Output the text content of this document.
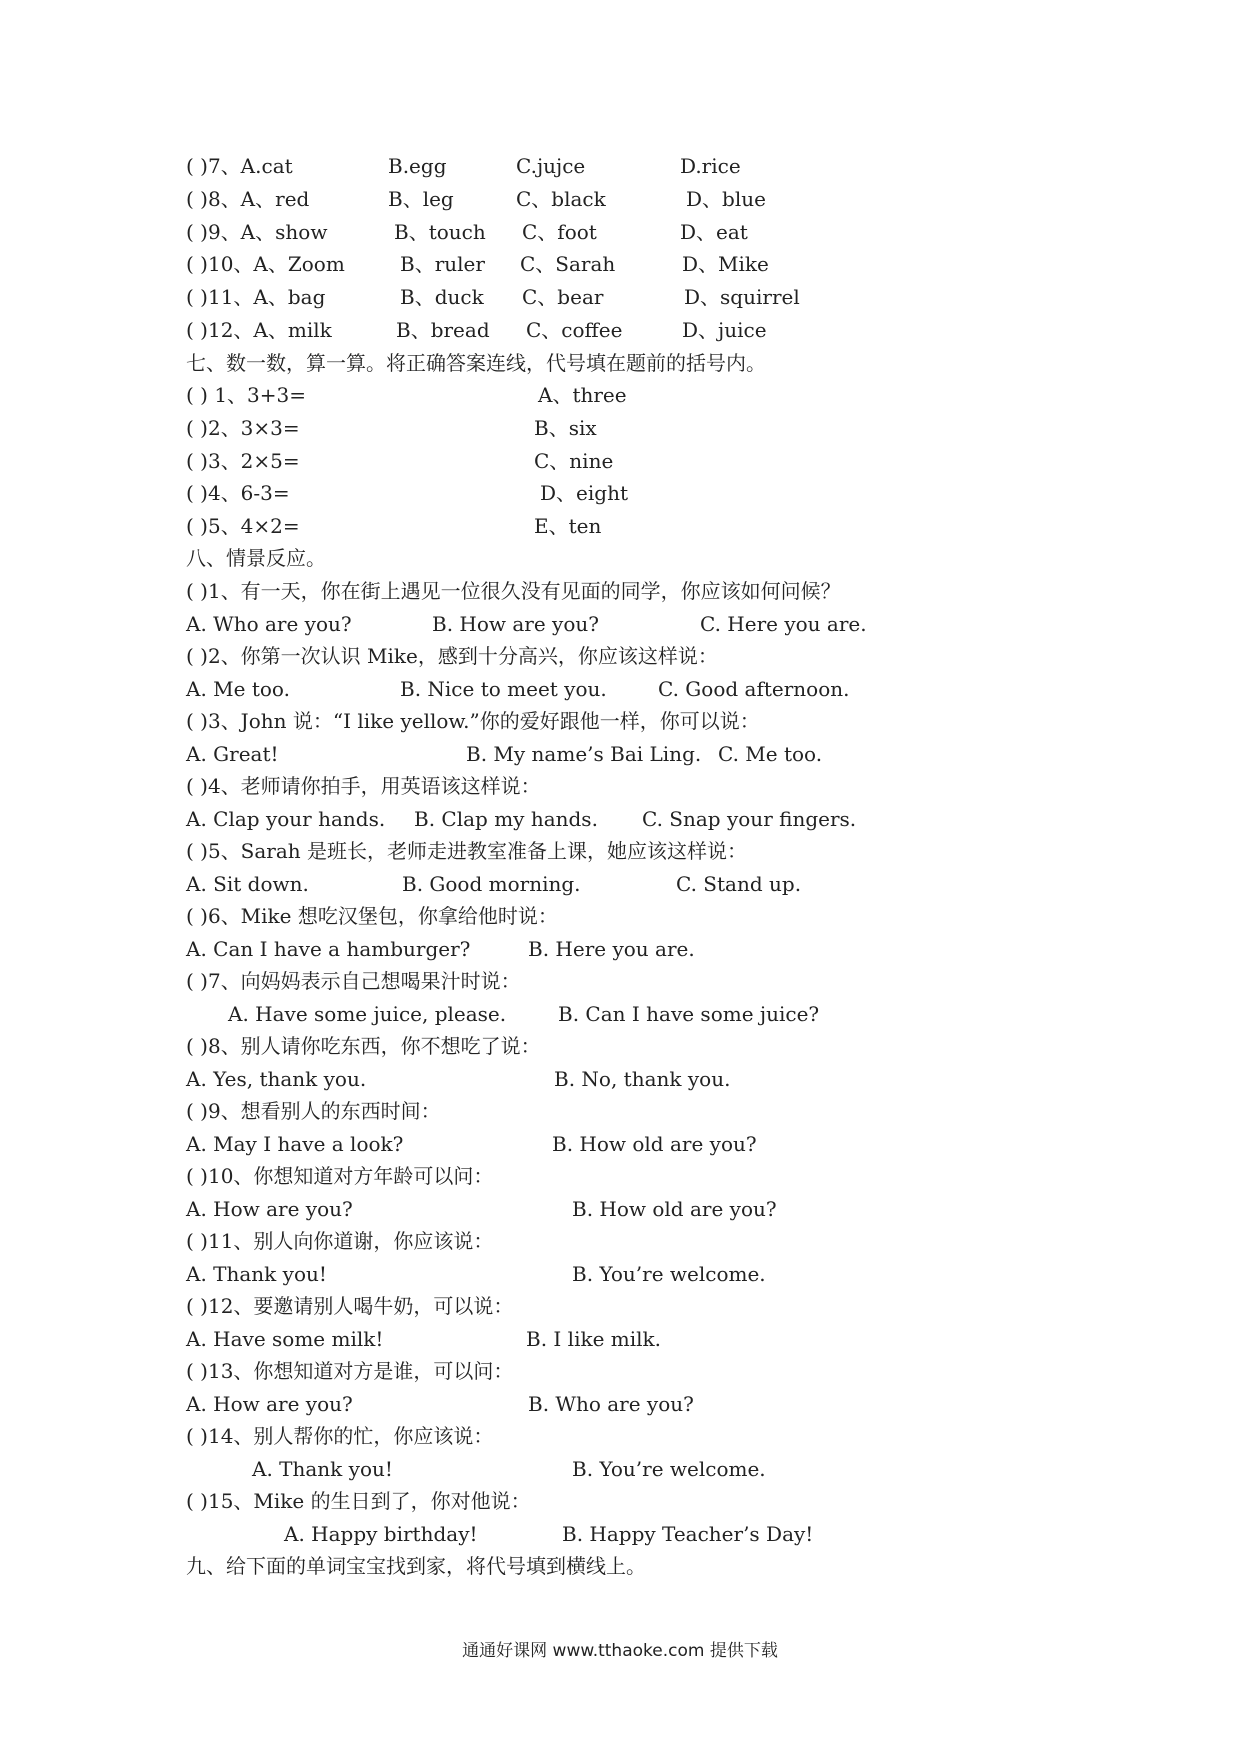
( )7、A.cat	B.egg	C.jujce	D.rice
( )8、A、red	B、leg	C、black	D、blue
( )9、A、show	B、touch C、foot	D、eat
( )10、A、Zoom	B、ruler C、Sarah	D、Mike
( )11、A、bag	B、duck C、bear	D、squirrel
( )12、A、milk	B、bread C、coffee	D、juice
七、数一数，算一算。将正确答案连线，代号填在题前的括号内。
( ) 1、3+3=	A、three
( )2、3×3=	B、six
( )3、2×5=	C、nine
( )4、6-3=	D、eight
( )5、4×2=	E、ten
八、情景反应。
( )1、有一天，你在街上遇见一位很久没有见面的同学，你应该如何问候？
A. Who are you?	B. How are you?	C. Here you are.
( )2、你第一次认识 Mike，感到十分高兴，你应该这样说：
A. Me too.	B. Nice to meet you.	C. Good afternoon.
( )3、John 说：“I like yellow.”你的爱好跟他一样，你可以说：
A. Great!	B. My name’s Bai Ling. C. Me too.
( )4、老师请你拍手，用英语该这样说：
A. Clap your hands. B. Clap my hands. C. Snap your fingers.
( )5、Sarah 是班长，老师走进教室准备上课，她应该这样说：
A. Sit down.	B. Good morning.	C. Stand up.
( )6、Mike 想吃汉堡包，你拿给他时说：
A. Can I have a hamburger?	B. Here you are.
( )7、向妈妈表示自己想喝果汁时说：
A. Have some juice, please.	B. Can I have some juice?
( )8、别人请你吃东西，你不想吃了说：
A. Yes, thank you.	B. No, thank you.
( )9、想看别人的东西时间：
A. May I have a look?	B. How old are you?
( )10、你想知道对方年龄可以问：
A. How are you?	B. How old are you?
( )11、别人向你道谢，你应该说：
A. Thank you!	B. You’re welcome.
( )12、要邀请别人喝牛奶，可以说：
A. Have some milk!	B. I like milk.
( )13、你想知道对方是谁，可以问：
A. How are you?	B. Who are you?
( )14、别人帮你的忙，你应该说：
A. Thank you!	B. You’re welcome.
( )15、Mike 的生日到了，你对他说：
A. Happy birthday!	B. Happy Teacher’s Day!
九、给下面的单词宝宝找到家，将代号填到横线上。
通通好课网 www.tthaoke.com 提供下载
